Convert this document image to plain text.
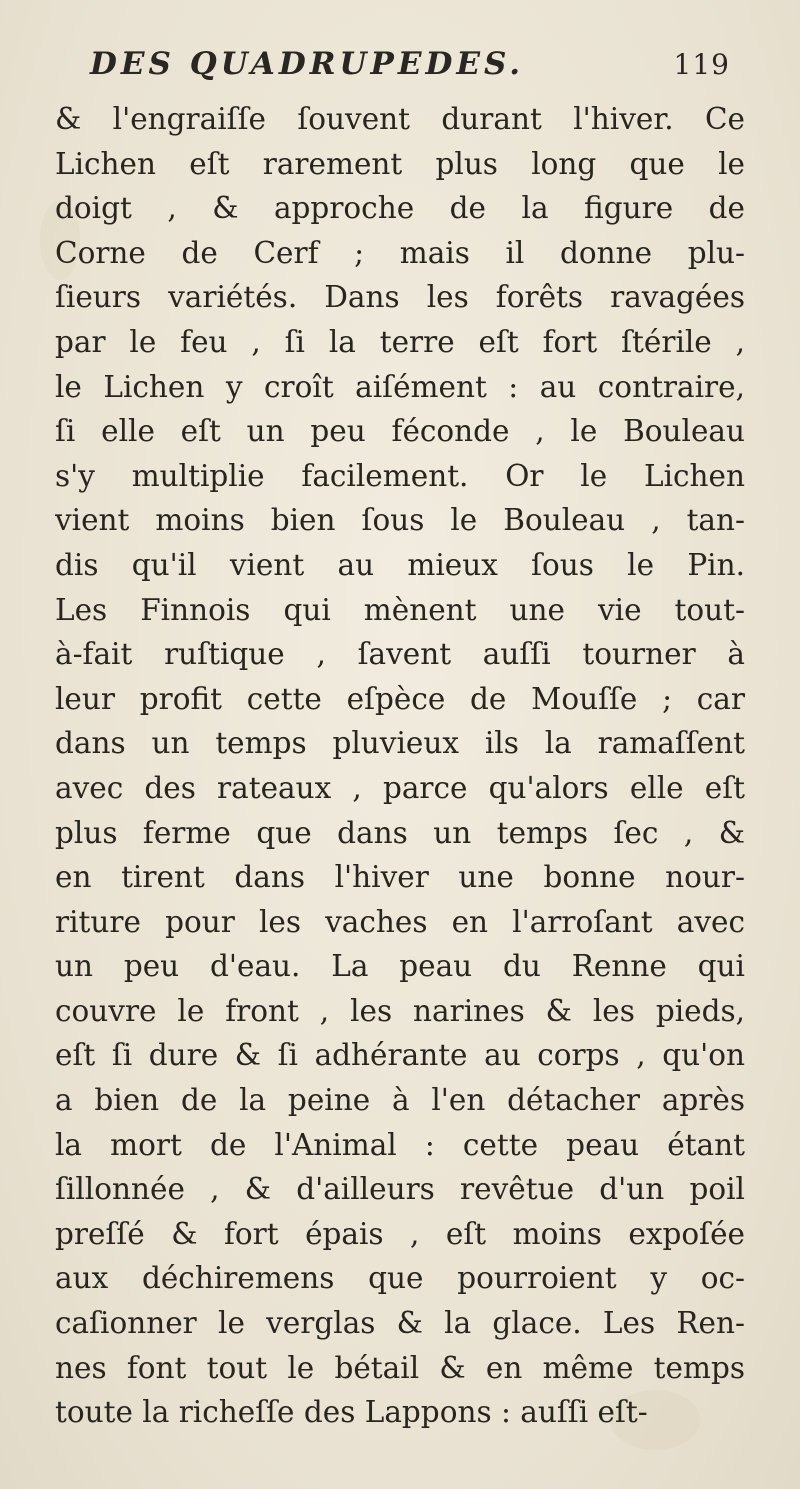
DES QUADRUPEDES.	119
& l'engraiſſe ſouvent durant l'hiver. Ce
Lichen eſt rarement plus long que le
doigt , & approche de la figure de
Corne de Cerf ; mais il donne plu-
ſieurs variétés. Dans les forêts ravagées
par le feu , ſi la terre eſt fort ſtérile ,
le Lichen y croît aiſément : au contraire,
ſi elle eſt un peu féconde , le Bouleau
s'y multiplie facilement. Or le Lichen
vient moins bien ſous le Bouleau , tan-
dis qu'il vient au mieux ſous le Pin.
Les Finnois qui mènent une vie tout-
à-fait ruſtique , ſavent auſſi tourner à
leur profit cette eſpèce de Mouſſe ; car
dans un temps pluvieux ils la ramaſſent
avec des rateaux , parce qu'alors elle eſt
plus ferme que dans un temps ſec , &
en tirent dans l'hiver une bonne nour-
riture pour les vaches en l'arroſant avec
un peu d'eau. La peau du Renne qui
couvre le front , les narines & les pieds,
eſt ſi dure & ſi adhérante au corps , qu'on
a bien de la peine à l'en détacher après
la mort de l'Animal : cette peau étant
ſillonnée , & d'ailleurs revêtue d'un poil
preſſé & fort épais , eſt moins expoſée
aux déchiremens que pourroient y oc-
caſionner le verglas & la glace. Les Ren-
nes font tout le bétail & en même temps
toute la richeſſe des Lappons : auſſi eſt-
